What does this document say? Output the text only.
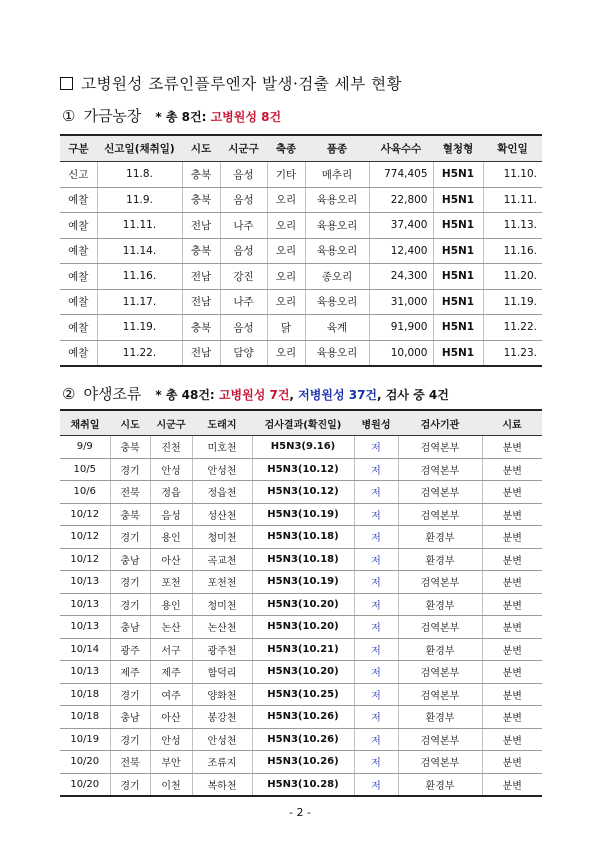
고병원성 조류인플루엔자 발생·검출 세부 현황
① 가금농장 * 총 8건: 고병원성 8건
구분	신고일(채취일)	시도	시군구	축종	품종	사육수수	혈청형	확인일
신고	11.8.	충북	음성	기타	메추리	774,405	H5N1	11.10.
예찰	11.9.	충북	음성	오리	육용오리	22,800	H5N1	11.11.
예찰	11.11.	전남	나주	오리	육용오리	37,400	H5N1	11.13.
예찰	11.14.	충북	음성	오리	육용오리	12,400	H5N1	11.16.
예찰	11.16.	전남	강진	오리	종오리	24,300	H5N1	11.20.
예찰	11.17.	전남	나주	오리	육용오리	31,000	H5N1	11.19.
예찰	11.19.	충북	음성	닭	육계	91,900	H5N1	11.22.
예찰	11.22.	전남	담양	오리	육용오리	10,000	H5N1	11.23.
② 야생조류 * 총 48건: 고병원성 7건, 저병원성 37건, 검사 중 4건
채취일	시도	시군구	도래지	검사결과(확진일)	병원성	검사기관	시료
9/9	충북	진천	미호천	H5N3(9.16)	저	검역본부	분변
10/5	경기	안성	안성천	H5N3(10.12)	저	검역본부	분변
10/6	전북	정읍	정읍천	H5N3(10.12)	저	검역본부	분변
10/12	충북	음성	성산천	H5N3(10.19)	저	검역본부	분변
10/12	경기	용인	청미천	H5N3(10.18)	저	환경부	분변
10/12	충남	아산	곡교천	H5N3(10.18)	저	환경부	분변
10/13	경기	포천	포천천	H5N3(10.19)	저	검역본부	분변
10/13	경기	용인	청미천	H5N3(10.20)	저	환경부	분변
10/13	충남	논산	논산천	H5N3(10.20)	저	검역본부	분변
10/14	광주	서구	광주천	H5N3(10.21)	저	환경부	분변
10/13	제주	제주	함덕리	H5N3(10.20)	저	검역본부	분변
10/18	경기	여주	양화천	H5N3(10.25)	저	검역본부	분변
10/18	충남	아산	봉강천	H5N3(10.26)	저	환경부	분변
10/19	경기	안성	안성천	H5N3(10.26)	저	검역본부	분변
10/20	전북	부안	조류지	H5N3(10.26)	저	검역본부	분변
10/20	경기	이천	복하천	H5N3(10.28)	저	환경부	분변
- 2 -
